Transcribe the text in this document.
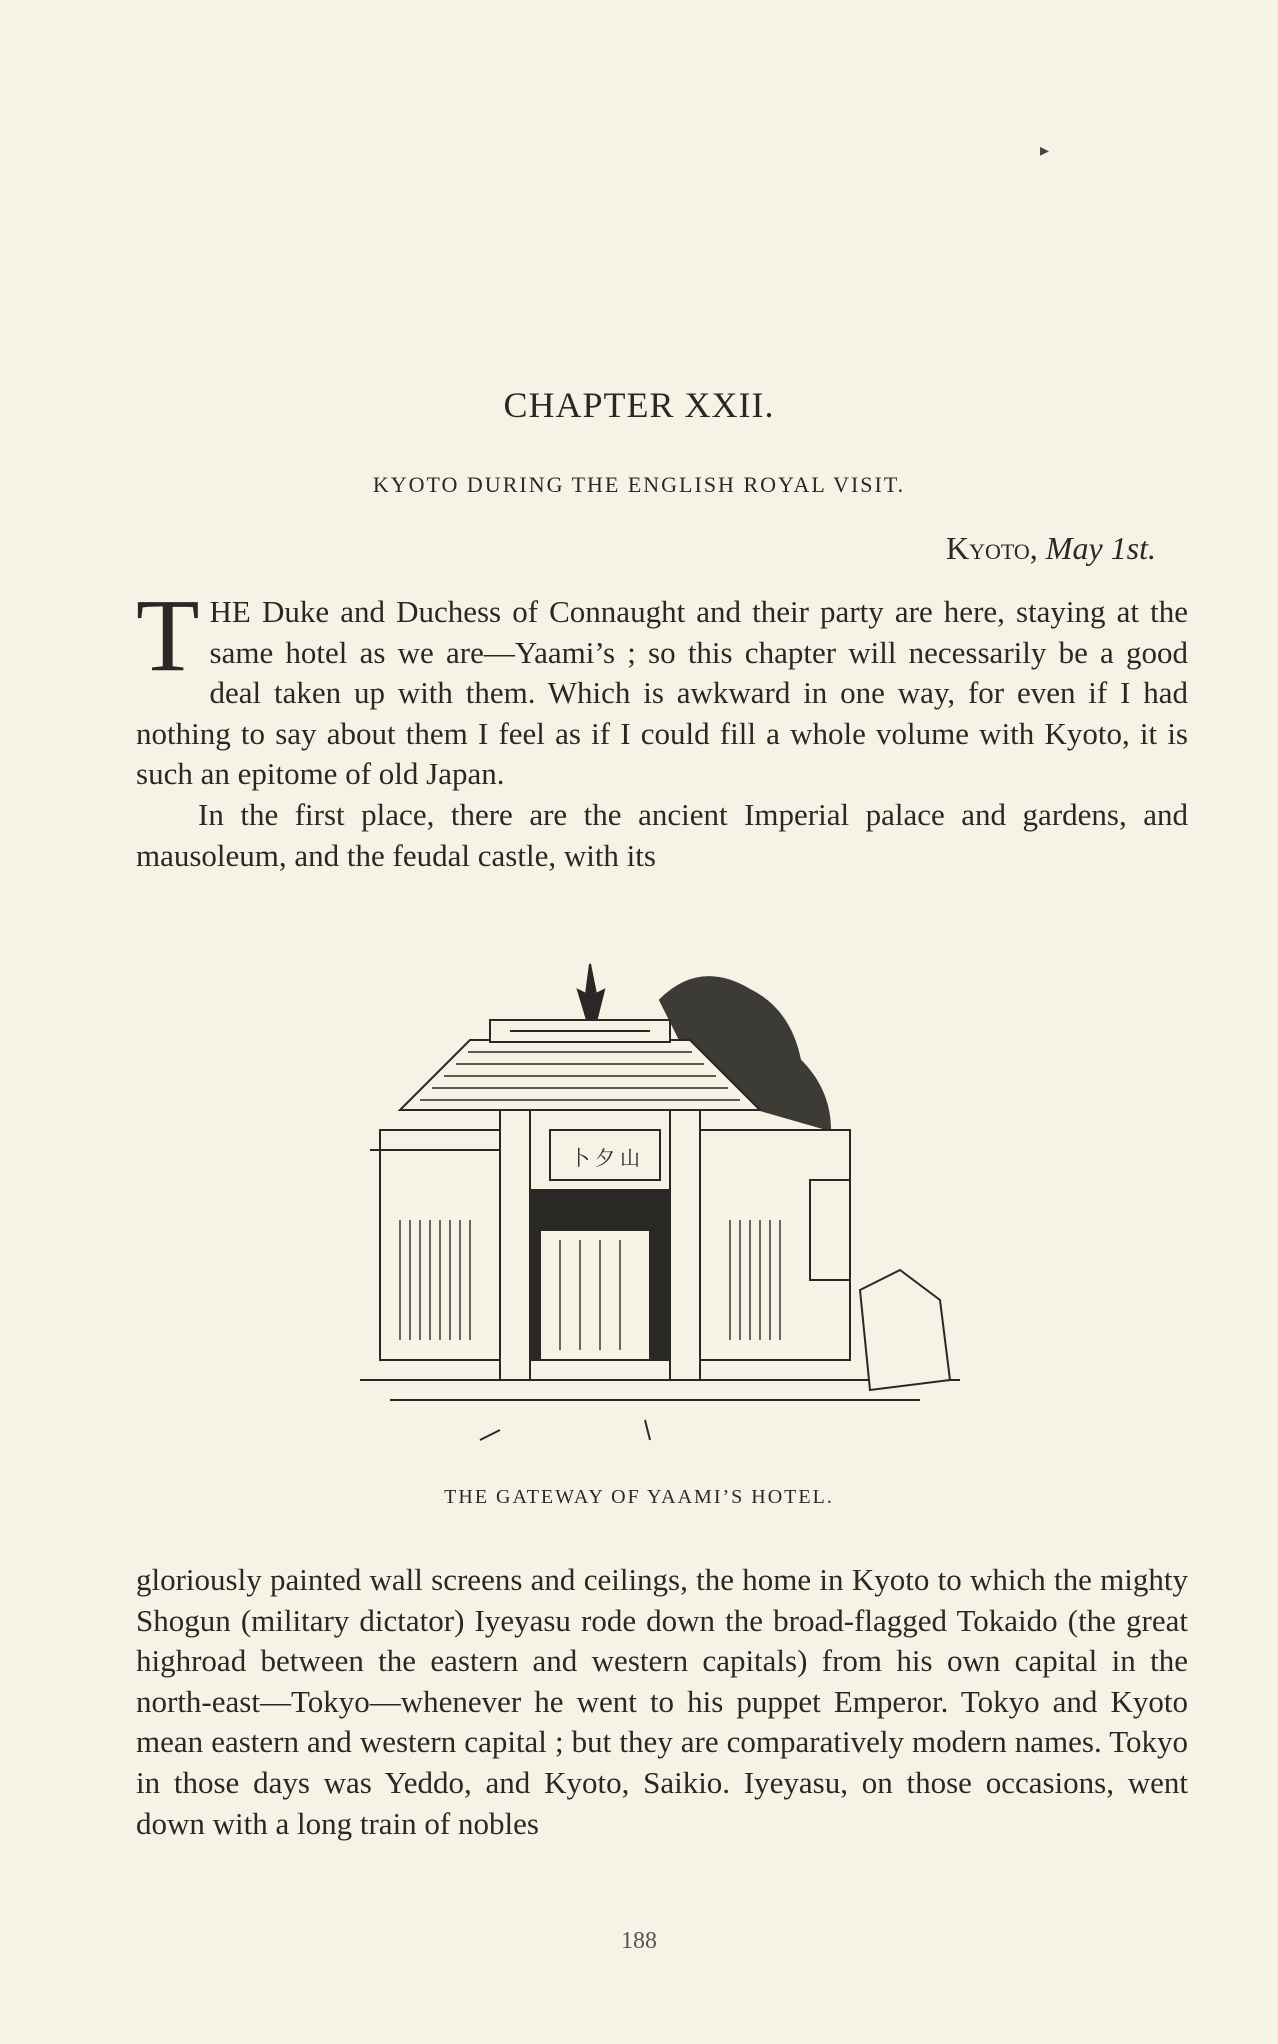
▸
CHAPTER XXII.
KYOTO DURING THE ENGLISH ROYAL VISIT.
Kyoto, May 1st.
T HE Duke and Duchess of Connaught and their party are here, staying at the same hotel as we are—Yaami’s ; so this chapter will necessarily be a good deal taken up with them. Which is awkward in one way, for even if I had nothing to say about them I feel as if I could fill a whole volume with Kyoto, it is such an epitome of old Japan.
In the first place, there are the ancient Imperial palace and gardens, and mausoleum, and the feudal castle, with its
卜 夕 山
THE GATEWAY OF YAAMI’S HOTEL.
gloriously painted wall screens and ceilings, the home in Kyoto to which the mighty Shogun (military dictator) Iyeyasu rode down the broad-flagged Tokaido (the great highroad between the eastern and western capitals) from his own capital in the north-east—Tokyo—whenever he went to his puppet Emperor. Tokyo and Kyoto mean eastern and western capital ; but they are comparatively modern names. Tokyo in those days was Yeddo, and Kyoto, Saikio. Iyeyasu, on those occasions, went down with a long train of nobles
188
